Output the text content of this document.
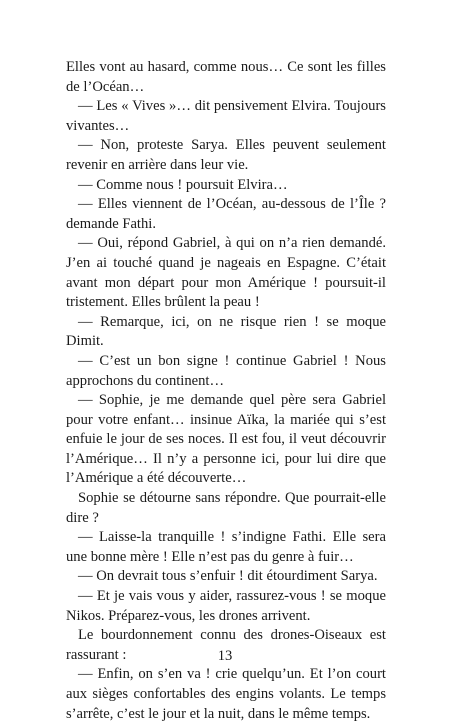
Elles vont au hasard, comme nous… Ce sont les filles de l’Océan…

— Les « Vives »… dit pensivement Elvira. Toujours vivantes…

— Non, proteste Sarya. Elles peuvent seulement revenir en arrière dans leur vie.

— Comme nous ! poursuit Elvira…

— Elles viennent de l’Océan, au-dessous de l’Île ? demande Fathi.

— Oui, répond Gabriel, à qui on n’a rien demandé. J’en ai touché quand je nageais en Espagne. C’était avant mon départ pour mon Amérique ! poursuit-il tristement. Elles brûlent la peau !

— Remarque, ici, on ne risque rien ! se moque Dimit.

— C’est un bon signe ! continue Gabriel ! Nous approchons du continent…

— Sophie, je me demande quel père sera Gabriel pour votre enfant… insinue Aïka, la mariée qui s’est enfuie le jour de ses noces. Il est fou, il veut découvrir l’Amérique… Il n’y a personne ici, pour lui dire que l’Amérique a été découverte…

Sophie se détourne sans répondre. Que pourrait-elle dire ?

— Laisse-la tranquille ! s’indigne Fathi. Elle sera une bonne mère ! Elle n’est pas du genre à fuir…

— On devrait tous s’enfuir ! dit étourdiment Sarya.

— Et je vais vous y aider, rassurez-vous ! se moque Nikos. Préparez-vous, les drones arrivent.

Le bourdonnement connu des drones-Oiseaux est rassurant :

— Enfin, on s’en va ! crie quelqu’un. Et l’on court aux sièges confortables des engins volants. Le temps s’arrête, c’est le jour et la nuit, dans le même temps.

13
